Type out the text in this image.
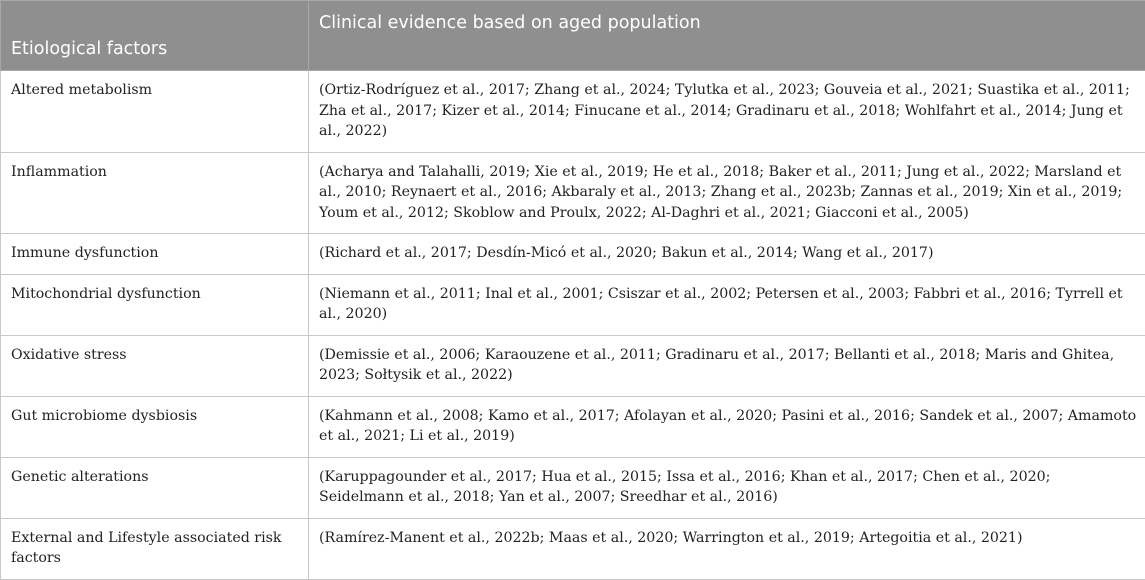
Etiological factors	Clinical evidence based on aged population
Altered metabolism	(Ortiz-Rodríguez et al., 2017; Zhang et al., 2024; Tylutka et al., 2023; Gouveia et al., 2021; Suastika et al., 2011; Zha et al., 2017; Kizer et al., 2014; Finucane et al., 2014; Gradinaru et al., 2018; Wohlfahrt et al., 2014; Jung et al., 2022)
Inflammation	(Acharya and Talahalli, 2019; Xie et al., 2019; He et al., 2018; Baker et al., 2011; Jung et al., 2022; Marsland et al., 2010; Reynaert et al., 2016; Akbaraly et al., 2013; Zhang et al., 2023b; Zannas et al., 2019; Xin et al., 2019; Youm et al., 2012; Skoblow and Proulx, 2022; Al-Daghri et al., 2021; Giacconi et al., 2005)
Immune dysfunction	(Richard et al., 2017; Desdín-Micó et al., 2020; Bakun et al., 2014; Wang et al., 2017)
Mitochondrial dysfunction	(Niemann et al., 2011; Inal et al., 2001; Csiszar et al., 2002; Petersen et al., 2003; Fabbri et al., 2016; Tyrrell et al., 2020)
Oxidative stress	(Demissie et al., 2006; Karaouzene et al., 2011; Gradinaru et al., 2017; Bellanti et al., 2018; Maris and Ghitea, 2023; Sołtysik et al., 2022)
Gut microbiome dysbiosis	(Kahmann et al., 2008; Kamo et al., 2017; Afolayan et al., 2020; Pasini et al., 2016; Sandek et al., 2007; Amamoto et al., 2021; Li et al., 2019)
Genetic alterations	(Karuppagounder et al., 2017; Hua et al., 2015; Issa et al., 2016; Khan et al., 2017; Chen et al., 2020; Seidelmann et al., 2018; Yan et al., 2007; Sreedhar et al., 2016)
External and Lifestyle associated risk factors	(Ramírez-Manent et al., 2022b; Maas et al., 2020; Warrington et al., 2019; Artegoitia et al., 2021)
